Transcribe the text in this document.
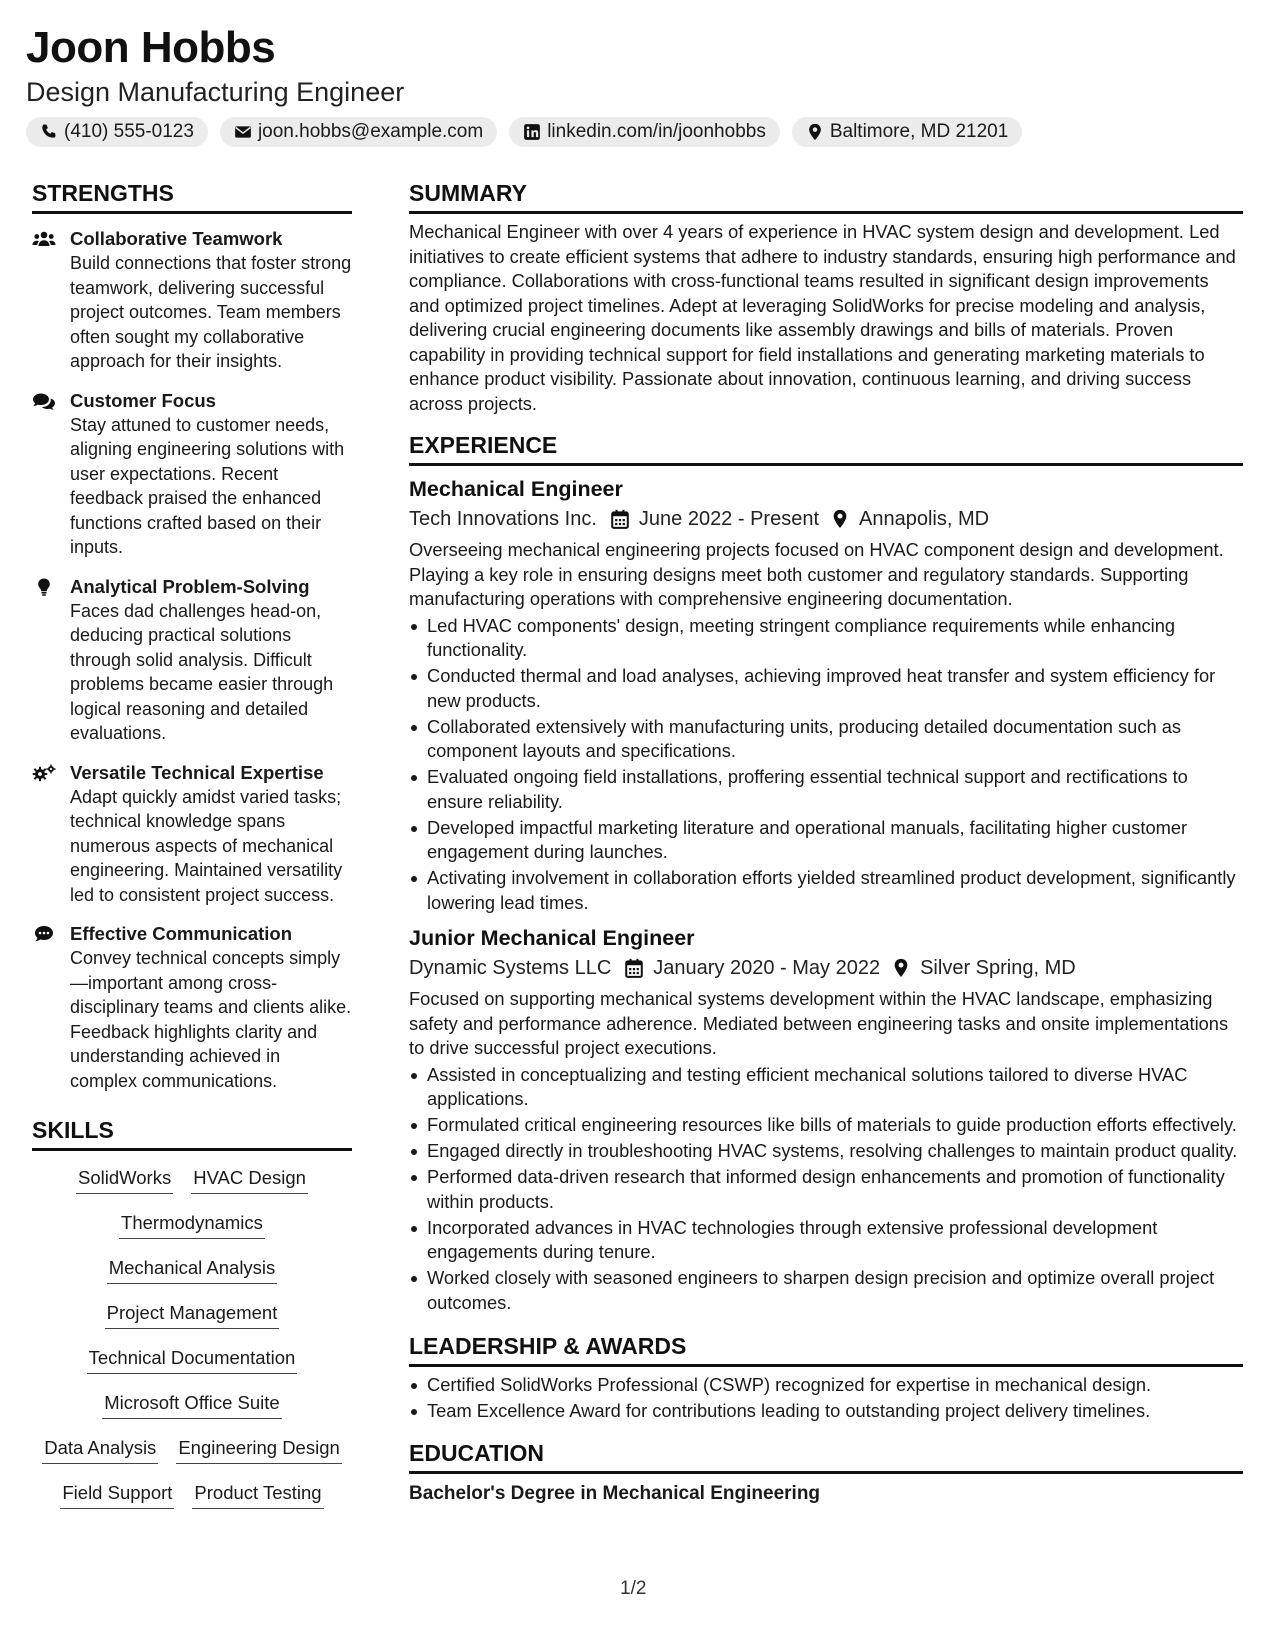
Joon Hobbs
Design Manufacturing Engineer
(410) 555-0123	joon.hobbs@example.com	linkedin.com/in/joonhobbs	Baltimore, MD 21201
STRENGTHS
Collaborative Teamwork
Build connections that foster strong teamwork, delivering successful project outcomes. Team members often sought my collaborative approach for their insights.
Customer Focus
Stay attuned to customer needs, aligning engineering solutions with user expectations. Recent feedback praised the enhanced functions crafted based on their inputs.
Analytical Problem-Solving
Faces dad challenges head-on, deducing practical solutions through solid analysis. Difficult problems became easier through logical reasoning and detailed evaluations.
Versatile Technical Expertise
Adapt quickly amidst varied tasks; technical knowledge spans numerous aspects of mechanical engineering. Maintained versatility led to consistent project success.
Effective Communication
Convey technical concepts simply—important among cross-disciplinary teams and clients alike. Feedback highlights clarity and understanding achieved in complex communications.
SKILLS
SolidWorks HVAC Design
Thermodynamics
Mechanical Analysis
Project Management
Technical Documentation
Microsoft Office Suite
Data Analysis Engineering Design
Field Support Product Testing
SUMMARY
Mechanical Engineer with over 4 years of experience in HVAC system design and development. Led initiatives to create efficient systems that adhere to industry standards, ensuring high performance and compliance. Collaborations with cross-functional teams resulted in significant design improvements and optimized project timelines. Adept at leveraging SolidWorks for precise modeling and analysis, delivering crucial engineering documents like assembly drawings and bills of materials. Proven capability in providing technical support for field installations and generating marketing materials to enhance product visibility. Passionate about innovation, continuous learning, and driving success across projects.
EXPERIENCE
Mechanical Engineer
Tech Innovations Inc. June 2022 - Present Annapolis, MD
Overseeing mechanical engineering projects focused on HVAC component design and development. Playing a key role in ensuring designs meet both customer and regulatory standards. Supporting manufacturing operations with comprehensive engineering documentation.
Led HVAC components' design, meeting stringent compliance requirements while enhancing functionality.
Conducted thermal and load analyses, achieving improved heat transfer and system efficiency for new products.
Collaborated extensively with manufacturing units, producing detailed documentation such as component layouts and specifications.
Evaluated ongoing field installations, proffering essential technical support and rectifications to ensure reliability.
Developed impactful marketing literature and operational manuals, facilitating higher customer engagement during launches.
Activating involvement in collaboration efforts yielded streamlined product development, significantly lowering lead times.
Junior Mechanical Engineer
Dynamic Systems LLC January 2020 - May 2022 Silver Spring, MD
Focused on supporting mechanical systems development within the HVAC landscape, emphasizing safety and performance adherence. Mediated between engineering tasks and onsite implementations to drive successful project executions.
Assisted in conceptualizing and testing efficient mechanical solutions tailored to diverse HVAC applications.
Formulated critical engineering resources like bills of materials to guide production efforts effectively.
Engaged directly in troubleshooting HVAC systems, resolving challenges to maintain product quality.
Performed data-driven research that informed design enhancements and promotion of functionality within products.
Incorporated advances in HVAC technologies through extensive professional development engagements during tenure.
Worked closely with seasoned engineers to sharpen design precision and optimize overall project outcomes.
LEADERSHIP & AWARDS
Certified SolidWorks Professional (CSWP) recognized for expertise in mechanical design.
Team Excellence Award for contributions leading to outstanding project delivery timelines.
EDUCATION
Bachelor's Degree in Mechanical Engineering
1/2
